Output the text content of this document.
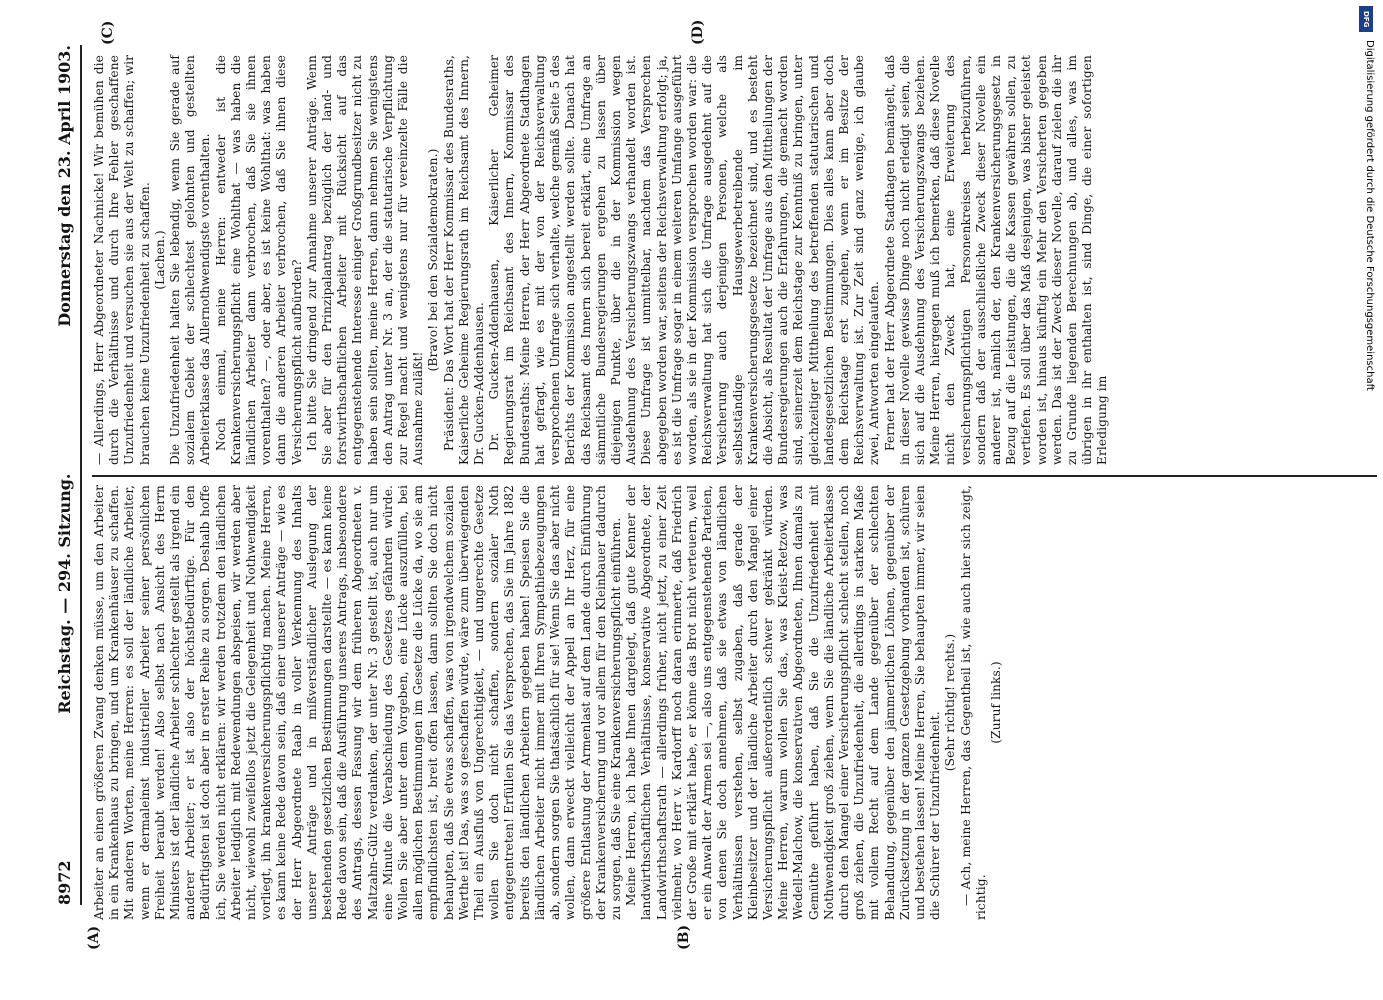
8972
Reichstag. — 294. Sitzung.
Donnerstag den 23. April 1903.
(A)	(B)
(C)	(D)

Arbeiter an einen größeren Zwang denken müsse, um den Arbeiter in ein Krankenhaus zu bringen, und um Krankenhäuser zu schaffen. Mit anderen Worten, meine Herren: es soll der ländliche Arbeiter, wenn er dermaleinst industrieller Arbeiter seiner persönlichen Freiheit beraubt werden! Also selbst nach Ansicht des Herrn Ministers ist der ländliche Arbeiter schlechter gestellt als irgend ein anderer Arbeiter; er ist also der höchstbedürftige. Für den Bedürftigsten ist doch aber in erster Reihe zu sorgen. Deshalb hoffe ich, Sie werden nicht erklären: wir werden trotzdem den ländlichen Arbeiter lediglich mit Redewendungen abspeisen, wir werden aber nicht, wiewohl zweifellos jetzt die Gelegenheit und Nothwendigkeit vorliegt, ihn krankenversicherungspflichtig machen. Meine Herren, es kann keine Rede davon sein, daß einer unserer Anträge — wie es der Herr Abgeordnete Raab in voller Verkennung des Inhalts unserer Anträge und in mißverständlicher Auslegung der bestehenden gesetzlichen Bestimmungen darstellte — es kann keine Rede davon sein, daß die Ausführung unseres Antrags, insbesondere des Antrags, dessen Fassung wir dem früheren Abgeordneten v. Maltzahn-Gültz verdanken, der unter Nr. 3 gestellt ist, auch nur um eine Minute die Verabschiedung des Gesetzes gefährden würde. Wollen Sie aber unter dem Vorgeben, eine Lücke auszufüllen, bei allen möglichen Bestimmungen im Gesetze die Lücke da, wo sie am empfindlichsten ist, breit offen lassen, dann sollten Sie doch nicht behaupten, daß Sie etwas schaffen, was von irgendwelchem sozialen Werthe ist! Das, was so geschaffen würde, wäre zum überwiegenden Theil ein Ausfluß von Ungerechtigkeit, — und ungerechte Gesetze wollen Sie doch nicht schaffen, sondern sozialer Noth entgegentreten! Erfüllen Sie das Versprechen, das Sie im Jahre 1882 bereits den ländlichen Arbeitern gegeben haben! Speisen Sie die ländlichen Arbeiter nicht immer mit Ihren Sympathiebezeugungen ab, sondern sorgen Sie thatsächlich für sie! Wenn Sie das aber nicht wollen, dann erweckt vielleicht der Appell an Ihr Herz, für eine größere Entlastung der Armenlast auf dem Lande durch Einführung der Krankenversicherung und vor allem für den Kleinbauer dadurch zu sorgen, daß Sie eine Krankenversicherungspflicht einführen. Meine Herren, ich habe Ihnen dargelegt, daß gute Kenner der landwirthschaftlichen Verhältnisse, konservative Abgeordnete, der Landwirthschaftsrath — allerdings früher, nicht jetzt, zu einer Zeit vielmehr, wo Herr v. Kardorff noch daran erinnerte, daß Friedrich der Große mit erklärt habe, er könne das Brot nicht verteuern, weil er ein Anwalt der Armen sei —, also uns entgegenstehende Parteien, von denen Sie doch annehmen, daß sie etwas von ländlichen Verhältnissen verstehen, selbst zugaben, daß gerade der Kleinbesitzer und der ländliche Arbeiter durch den Mangel einer Versicherungspflicht außerordentlich schwer gekränkt würden. Meine Herren, warum wollen Sie das, was Kleist-Retzow, was Wedell-Malchow, die konservativen Abgeordneten, Ihnen damals zu Gemüthe geführt haben, daß Sie die Unzufriedenheit mit Nothwendigkeit groß ziehen, wenn Sie die ländliche Arbeiterklasse durch den Mangel einer Versicherungspflicht schlecht stellen, noch groß ziehen, die Unzufriedenheit, die allerdings in starkem Maße mit vollem Recht auf dem Lande gegenüber der schlechten Behandlung, gegenüber den jämmerlichen Löhnen, gegenüber der Zurücksetzung in der ganzen Gesetzgebung vorhanden ist, schüren und bestehen lassen! Meine Herren, Sie behaupten immer, wir seien die Schürer der Unzufriedenheit.

(Sehr richtig! rechts.) — Ach, meine Herren, das Gegentheil ist, wie auch hier sich zeigt, richtig.

(Zuruf links.)

— Allerdings, Herr Abgeordneter Nachnicke! Wir bemühen die durch die Verhältnisse und durch Ihre Fehler geschaffene Unzufriedenheit und versuchen sie aus der Welt zu schaffen; wir brauchen keine Unzufriedenheit zu schaffen. (Lachen.) Die Unzufriedenheit halten Sie lebendig, wenn Sie gerade auf sozialem Gebiet der schlechtest gelohnten und gestellten Arbeiterklasse das Allernothwendigste vorenthalten. Noch einmal, meine Herren: entweder ist die Krankenversicherungspflicht eine Wohlthat — was haben die ländlichen Arbeiter dann verbrochen, daß Sie sie ihnen vorenthalten? —, oder aber, es ist keine Wohlthat: was haben dann die anderen Arbeiter verbrochen, daß Sie ihnen diese Versicherungspflicht aufbürden? Ich bitte Sie dringend zur Annahme unserer Anträge. Wenn Sie aber für den Prinzipalantrag bezüglich der land- und forstwirthschaftlichen Arbeiter mit Rücksicht auf das entgegenstehende Interesse einiger Großgrundbesitzer nicht zu haben sein sollten, meine Herren, dann nehmen Sie wenigstens den Antrag unter Nr. 3 an, der die statutarische Verpflichtung zur Regel macht und wenigstens nur für vereinzelte Fälle die Ausnahme zuläßt!

(Bravo! bei den Sozialdemokraten.) Präsident: Das Wort hat der Herr Kommissar des Bundesraths, Kaiserliche Geheime Regierungsrath im Reichsamt des Innern, Dr. Gucken-Addenhausen. Dr. Gucken-Addenhausen, Kaiserlicher Geheimer Regierungsrat im Reichsamt des Innern, Kommissar des Bundesraths: Meine Herren, der Herr Abgeordnete Stadthagen hat gefragt, wie es mit der von der Reichsverwaltung versprochenen Umfrage sich verhalte, welche gemäß Seite 5 des Berichts der Kommission angestellt werden sollte. Danach hat das Reichsamt des Innern sich bereit erklärt, eine Umfrage an sämmtliche Bundesregierungen ergehen zu lassen über diejenigen Punkte, über die in der Kommission wegen Ausdehnung des Versicherungszwangs verhandelt worden ist. Diese Umfrage ist unmittelbar, nachdem das Versprechen abgegeben worden war, seitens der Reichsverwaltung erfolgt; ja, es ist die Umfrage sogar in einem weiteren Umfange ausgeführt worden, als sie in der Kommission versprochen worden war: die Reichsverwaltung hat sich die Umfrage ausgedehnt auf die Versicherung auch derjenigen Personen, welche als selbstständige Hausgewerbetreibende im Krankenversicherungsgesetze bezeichnet sind, und es besteht die Absicht, als Resultat der Umfrage aus den Mittheilungen der Bundesregierungen auch die Erfahrungen, die gemacht worden sind, seinerzeit dem Reichstage zur Kenntniß zu bringen, unter gleichzeitiger Mittheilung des betreffenden statutarischen und landesgesetzlichen Bestimmungen. Dies alles kann aber doch dem Reichstage erst zugehen, wenn er im Besitze der Reichsverwaltung ist. Zur Zeit sind ganz wenige, ich glaube zwei, Antworten eingelaufen. Ferner hat der Herr Abgeordnete Stadthagen bemängelt, daß in dieser Novelle gewisse Dinge noch nicht erledigt seien, die sich auf die Ausdehnung des Versicherungszwangs beziehen. Meine Herren, hiergegen muß ich bemerken, daß diese Novelle nicht den Zweck hat, eine Erweiterung des versicherungspflichtigen Personenkreises herbeizuführen, sondern daß der ausschließliche Zweck dieser Novelle ein anderer ist, nämlich der, den Krankenversicherungsgesetz in Bezug auf die Leistungen, die die Kassen gewähren sollen, zu vertiefen. Es soll über das Maß desjenigen, was bisher geleistet worden ist, hinaus künftig ein Mehr den Versicherten gegeben werden. Das ist der Zweck dieser Novelle, darauf zielen die ihr zu Grunde liegenden Berechnungen ab, und alles, was im übrigen in ihr enthalten ist, sind Dinge, die einer sofortigen Erledigung im

DFG
Digitalisierung gefördert durch die Deutsche Forschungsgemeinschaft
